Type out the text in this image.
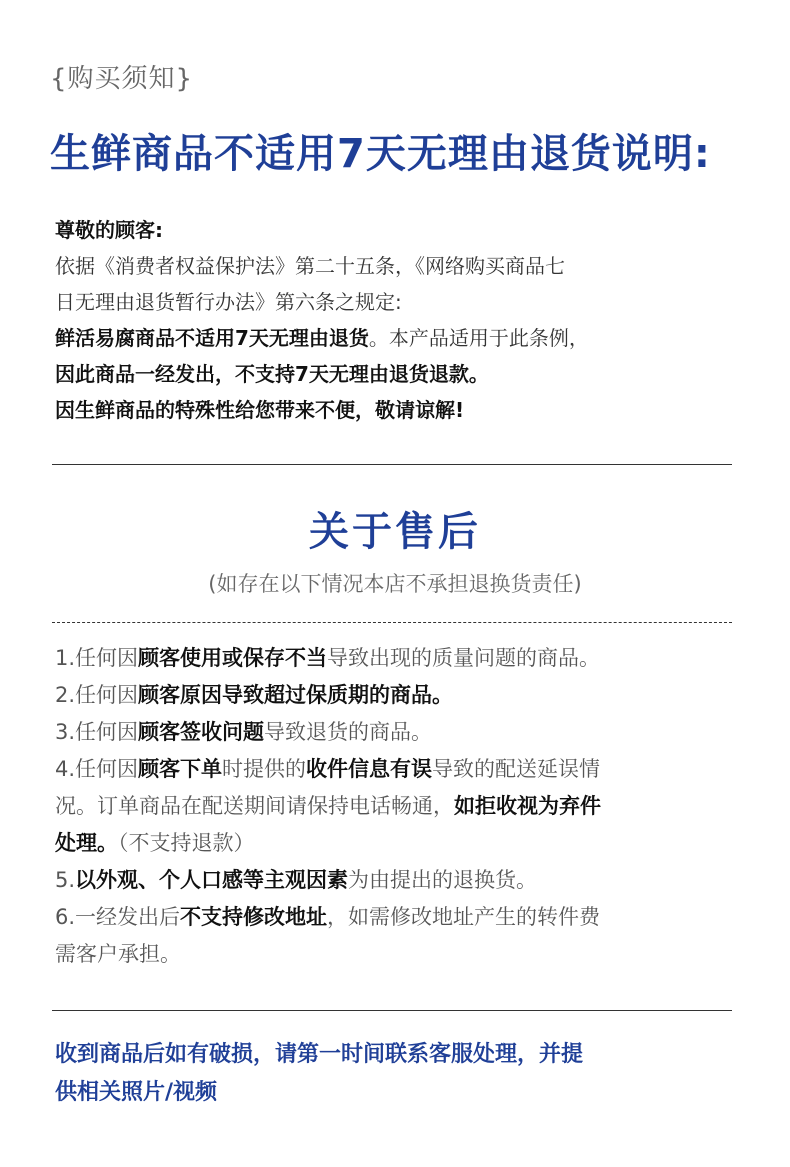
{购买须知}
生鲜商品不适用7天无理由退货说明:
尊敬的顾客:
依据《消费者权益保护法》第二十五条，《网络购买商品七
日无理由退货暂行办法》第六条之规定:
鲜活易腐商品不适用7天无理由退货。本产品适用于此条例，
因此商品一经发出，不支持7天无理由退货退款。
因生鲜商品的特殊性给您带来不便，敬请谅解!
关于售后
(如存在以下情况本店不承担退换货责任)
1.任何因顾客使用或保存不当导致出现的质量问题的商品。
2.任何因顾客原因导致超过保质期的商品。
3.任何因顾客签收问题导致退货的商品。
4.任何因顾客下单时提供的收件信息有误导致的配送延误情
况。订单商品在配送期间请保持电话畅通，如拒收视为弃件
处理。（不支持退款）
5.以外观、个人口感等主观因素为由提出的退换货。
6.一经发出后不支持修改地址，如需修改地址产生的转件费
需客户承担。
收到商品后如有破损，请第一时间联系客服处理，并提
供相关照片/视频
